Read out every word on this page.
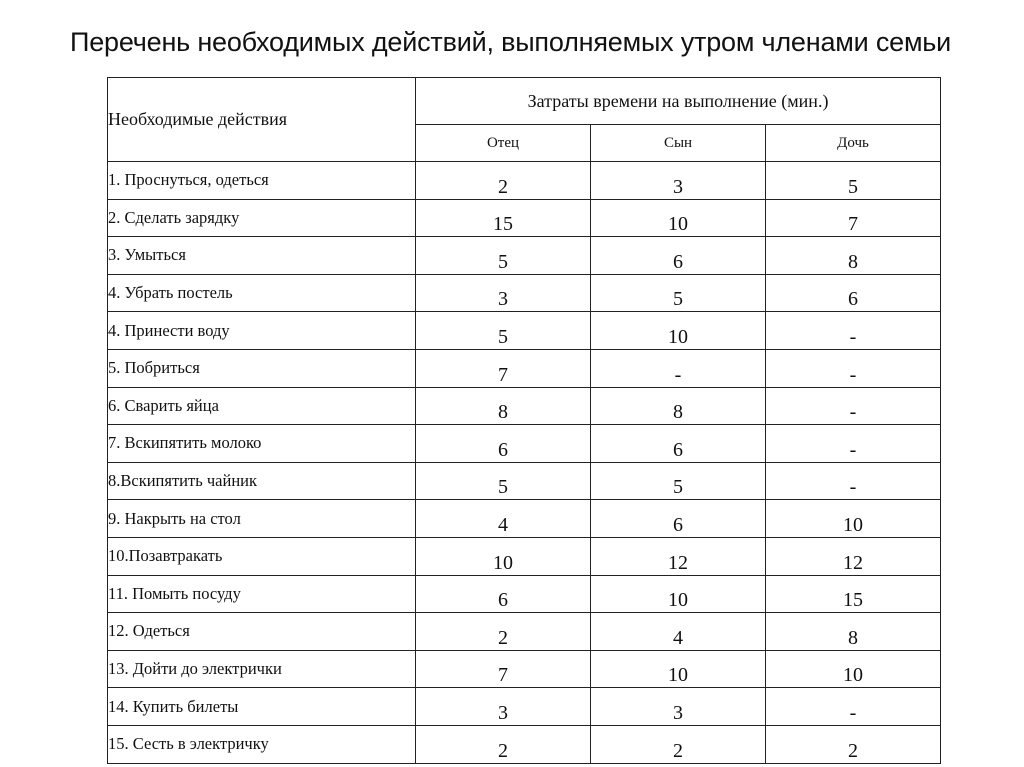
Перечень необходимых действий, выполняемых утром членами семьи
Необходимые действия	Затраты времени на выполнение (мин.)		
	Отец	Сын	Дочь
1. Проснуться, одеться	2	3	5
2. Сделать зарядку	15	10	7
3. Умыться	5	6	8
4. Убрать постель	3	5	6
4. Принести воду	5	10	-
5. Побриться	7	-	-
6. Сварить яйца	8	8	-
7. Вскипятить молоко	6	6	-
8.Вскипятить чайник	5	5	-
9. Накрыть на стол	4	6	10
10.Позавтракать	10	12	12
11. Помыть посуду	6	10	15
12. Одеться	2	4	8
13. Дойти до электрички	7	10	10
14. Купить билеты	3	3	-
15. Сесть в электричку	2	2	2
